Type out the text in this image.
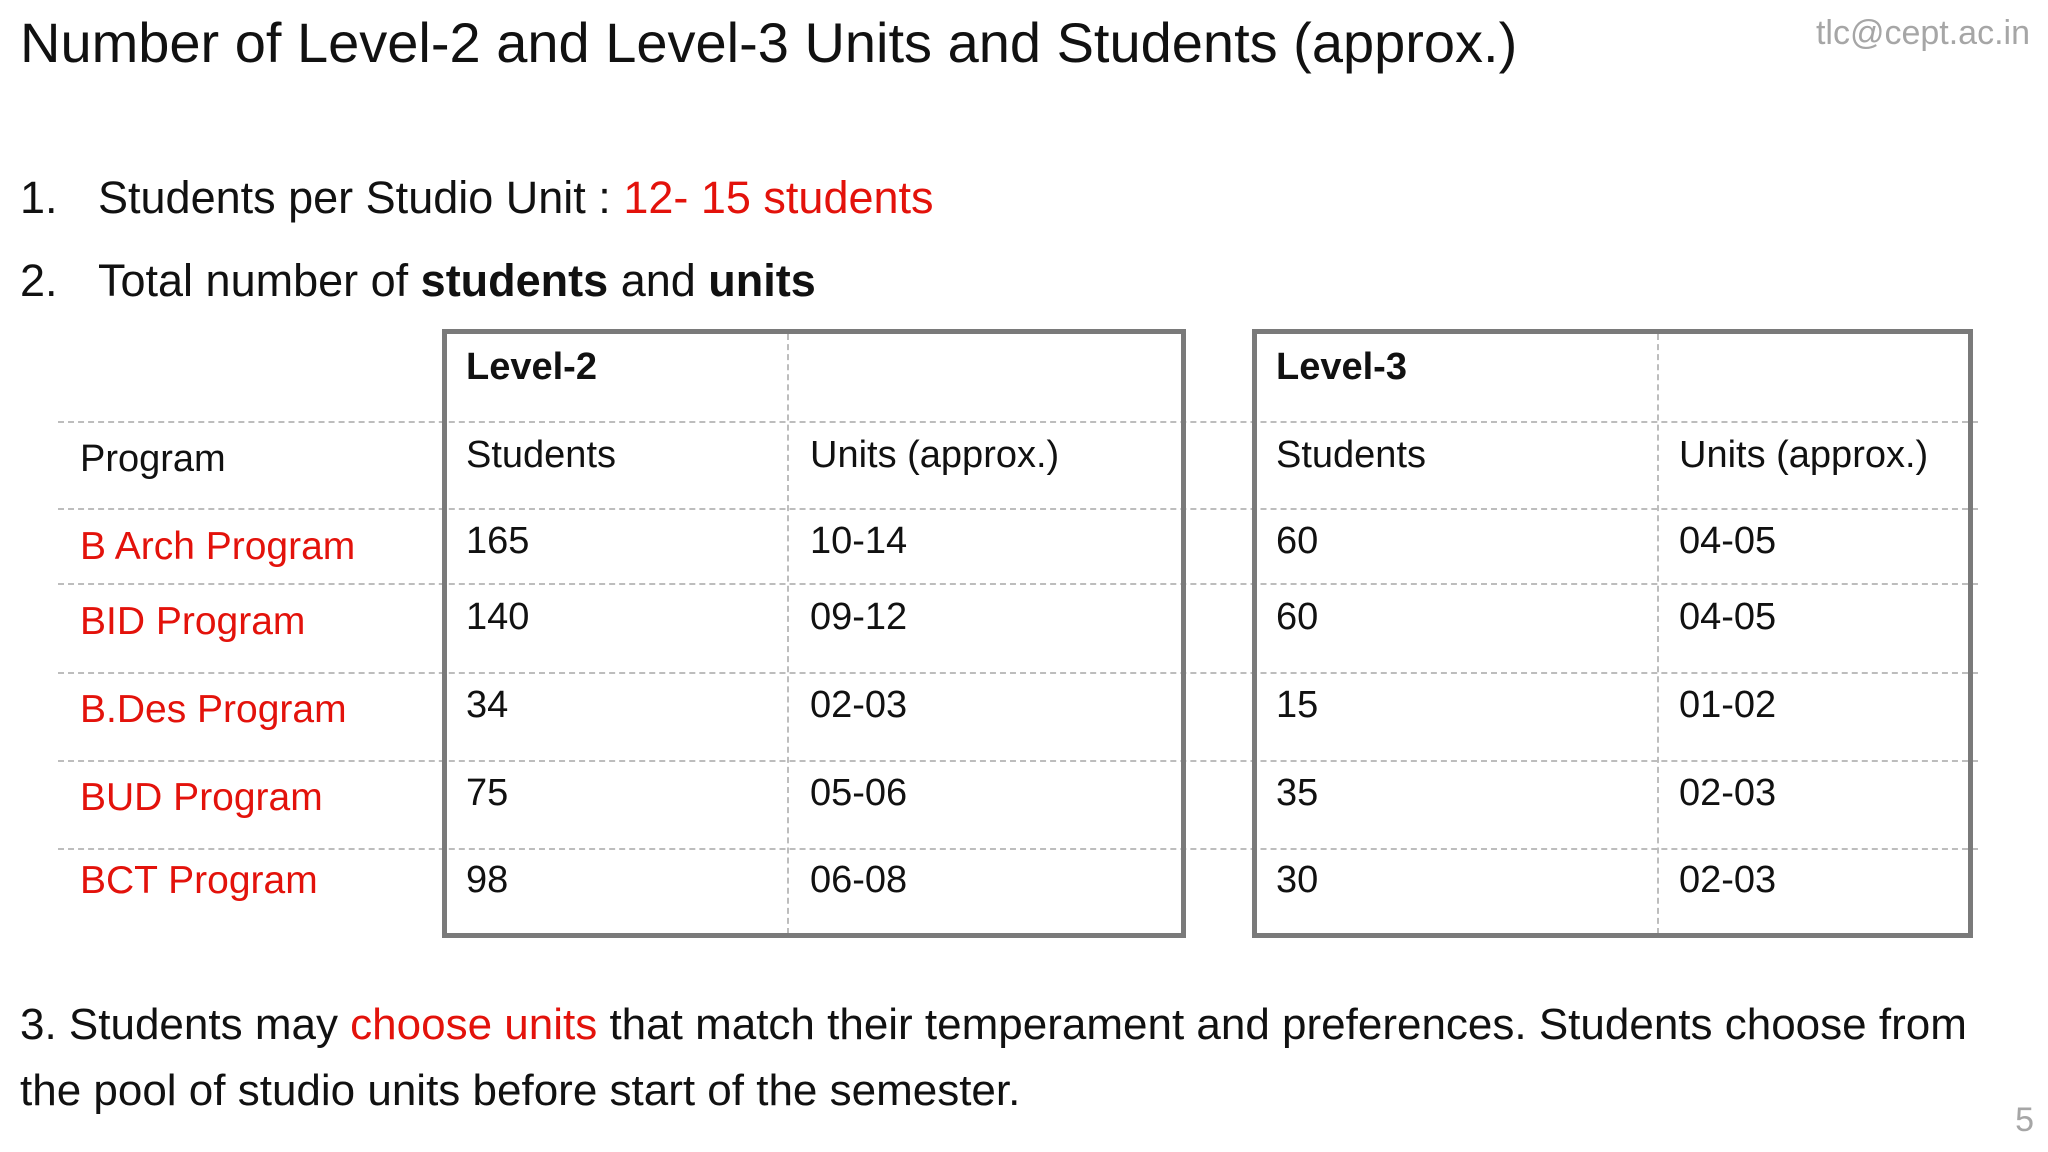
Number of Level-2 and Level-3 Units and Students (approx.)	tlc@cept.ac.in
1. Students per Studio Unit : 12- 15 students
2. Total number of students and units
Level-2	Level-3
Program	Students	Units (approx.)	Students	Units (approx.)
B Arch Program	165	10-14	60	04-05
BID Program	140	09-12	60	04-05
B.Des Program	34	02-03	15	01-02
BUD Program	75	05-06	35	02-03
BCT Program	98	06-08	30	02-03
3. Students may choose units that match their temperament and preferences. Students choose from the pool of studio units before start of the semester.
5
